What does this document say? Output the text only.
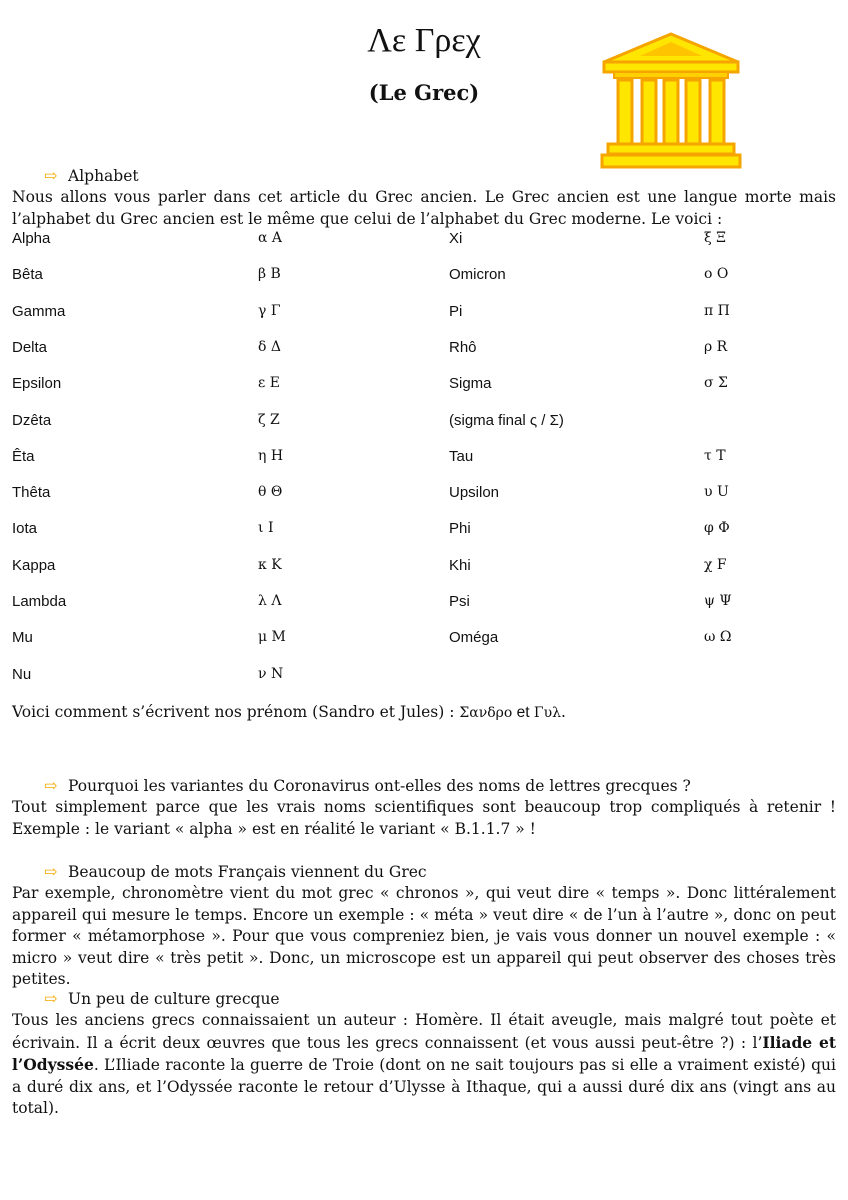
Λε Γρεχ
(Le Grec)
⇨ Alphabet
Nous allons vous parler dans cet article du Grec ancien. Le Grec ancien est une langue morte mais l’alphabet du Grec ancien est le même que celui de l’alphabet du Grec moderne. Le voici :
Alpha	α Α	Xi	ξ Ξ
Bêta	β Β	Omicron	ο Ο
Gamma	γ Γ	Pi	π Π
Delta	δ Δ	Rhô	ρ R
Epsilon	ε Ε	Sigma	σ Σ
Dzêta	ζ Ζ	(sigma final ς / Σ)
Êta	η Η	Tau	τ Τ
Thêta	θ Θ	Upsilon	υ U
Iota	ι I	Phi	φ Φ
Kappa	κ K	Khi	χ F
Lambda	λ Λ	Psi	ψ Ψ
Mu	μ M	Oméga	ω Ω
Nu	ν N
Voici comment s’écrivent nos prénom (Sandro et Jules) : Σανδρο et Γυλ.
⇨ Pourquoi les variantes du Coronavirus ont-elles des noms de lettres grecques ?
Tout simplement parce que les vrais noms scientifiques sont beaucoup trop compliqués à retenir ! Exemple : le variant « alpha » est en réalité le variant « B.1.1.7 » !
⇨ Beaucoup de mots Français viennent du Grec
Par exemple, chronomètre vient du mot grec « chronos », qui veut dire « temps ». Donc littéralement appareil qui mesure le temps. Encore un exemple : « méta » veut dire « de l’un à l’autre », donc on peut former « métamorphose ». Pour que vous compreniez bien, je vais vous donner un nouvel exemple : « micro » veut dire « très petit ». Donc, un microscope est un appareil qui peut observer des choses très petites.
⇨ Un peu de culture grecque
Tous les anciens grecs connaissaient un auteur : Homère. Il était aveugle, mais malgré tout poète et écrivain. Il a écrit deux œuvres que tous les grecs connaissent (et vous aussi peut-être ?) : l’Iliade et l’Odyssée. L’Iliade raconte la guerre de Troie (dont on ne sait toujours pas si elle a vraiment existé) qui a duré dix ans, et l’Odyssée raconte le retour d’Ulysse à Ithaque, qui a aussi duré dix ans (vingt ans au total).
